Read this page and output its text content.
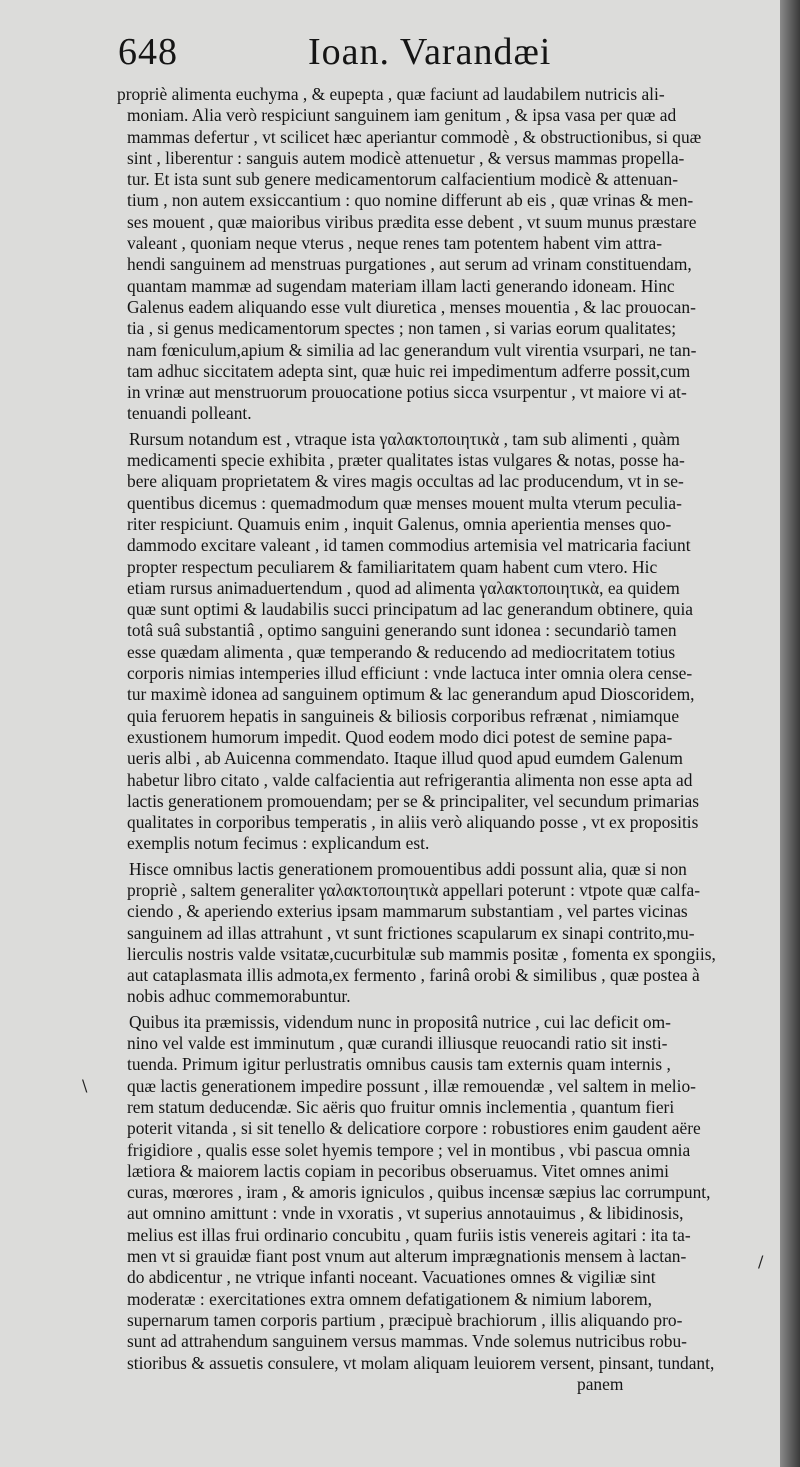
648	Ioan. Varandæi
propriè alimenta euchyma , & eupepta , quæ faciunt ad laudabilem nutricis ali-
moniam. Alia verò respiciunt sanguinem iam genitum , & ipsa vasa per quæ ad
mammas defertur , vt scilicet hæc aperiantur commodè , & obstructionibus, si quæ
sint , liberentur : sanguis autem modicè attenuetur , & versus mammas propella-
tur. Et ista sunt sub genere medicamentorum calfacientium modicè & attenuan-
tium , non autem exsiccantium : quo nomine differunt ab eis , quæ vrinas & men-
ses mouent , quæ maioribus viribus prædita esse debent , vt suum munus præstare
valeant , quoniam neque vterus , neque renes tam potentem habent vim attra-
hendi sanguinem ad menstruas purgationes , aut serum ad vrinam constituendam,
quantam mammæ ad sugendam materiam illam lacti generando idoneam. Hinc
Galenus eadem aliquando esse vult diuretica , menses mouentia , & lac prouocan-
tia , si genus medicamentorum spectes ; non tamen , si varias eorum qualitates;
nam fœniculum,apium & similia ad lac generandum vult virentia vsurpari, ne tan-
tam adhuc siccitatem adepta sint, quæ huic rei impedimentum adferre possit,cum
in vrinæ aut menstruorum prouocatione potius sicca vsurpentur , vt maiore vi at-
tenuandi polleant.
Rursum notandum est , vtraque ista γαλακτοποιητικὰ , tam sub alimenti , quàm
medicamenti specie exhibita , præter qualitates istas vulgares & notas, posse ha-
bere aliquam proprietatem & vires magis occultas ad lac producendum, vt in se-
quentibus dicemus : quemadmodum quæ menses mouent multa vterum peculia-
riter respiciunt. Quamuis enim , inquit Galenus, omnia aperientia menses quo-
dammodo excitare valeant , id tamen commodius artemisia vel matricaria faciunt
propter respectum peculiarem & familiaritatem quam habent cum vtero. Hic
etiam rursus animaduertendum , quod ad alimenta γαλακτοποιητικὰ, ea quidem
quæ sunt optimi & laudabilis succi principatum ad lac generandum obtinere, quia
totâ suâ substantiâ , optimo sanguini generando sunt idonea : secundariò tamen
esse quædam alimenta , quæ temperando & reducendo ad mediocritatem totius
corporis nimias intemperies illud efficiunt : vnde lactuca inter omnia olera cense-
tur maximè idonea ad sanguinem optimum & lac generandum apud Dioscoridem,
quia feruorem hepatis in sanguineis & biliosis corporibus refrænat , nimiamque
exustionem humorum impedit. Quod eodem modo dici potest de semine papa-
ueris albi , ab Auicenna commendato. Itaque illud quod apud eumdem Galenum
habetur libro citato , valde calfacientia aut refrigerantia alimenta non esse apta ad
lactis generationem promouendam; per se & principaliter, vel secundum primarias
qualitates in corporibus temperatis , in aliis verò aliquando posse , vt ex propositis
exemplis notum fecimus : explicandum est.
Hisce omnibus lactis generationem promouentibus addi possunt alia, quæ si non
propriè , saltem generaliter γαλακτοποιητικὰ appellari poterunt : vtpote quæ calfa-
ciendo , & aperiendo exterius ipsam mammarum substantiam , vel partes vicinas
sanguinem ad illas attrahunt , vt sunt frictiones scapularum ex sinapi contrito,mu-
lierculis nostris valde vsitatæ,cucurbitulæ sub mammis positæ , fomenta ex spongiis,
aut cataplasmata illis admota,ex fermento , farinâ orobi & similibus , quæ postea à
nobis adhuc commemorabuntur.
Quibus ita præmissis, videndum nunc in propositâ nutrice , cui lac deficit om-
nino vel valde est imminutum , quæ curandi illiusque reuocandi ratio sit insti-
tuenda. Primum igitur perlustratis omnibus causis tam externis quam internis ,
quæ lactis generationem impedire possunt , illæ remouendæ , vel saltem in melio-
rem statum deducendæ. Sic aëris quo fruitur omnis inclementia , quantum fieri
poterit vitanda , si sit tenello & delicatiore corpore : robustiores enim gaudent aëre
frigidiore , qualis esse solet hyemis tempore ; vel in montibus , vbi pascua omnia
lætiora & maiorem lactis copiam in pecoribus obseruamus. Vitet omnes animi
curas, mœrores , iram , & amoris igniculos , quibus incensæ sæpius lac corrumpunt,
aut omnino amittunt : vnde in vxoratis , vt superius annotauimus , & libidinosis,
melius est illas frui ordinario concubitu , quam furiis istis venereis agitari : ita ta-
men vt si grauidæ fiant post vnum aut alterum imprægnationis mensem à lactan-
do abdicentur , ne vtrique infanti noceant. Vacuationes omnes & vigiliæ sint
moderatæ : exercitationes extra omnem defatigationem & nimium laborem,
supernarum tamen corporis partium , præcipuè brachiorum , illis aliquando pro-
sunt ad attrahendum sanguinem versus mammas. Vnde solemus nutricibus robu-
stioribus & assuetis consulere, vt molam aliquam leuiorem versent, pinsant, tundant,
panem
\
/
